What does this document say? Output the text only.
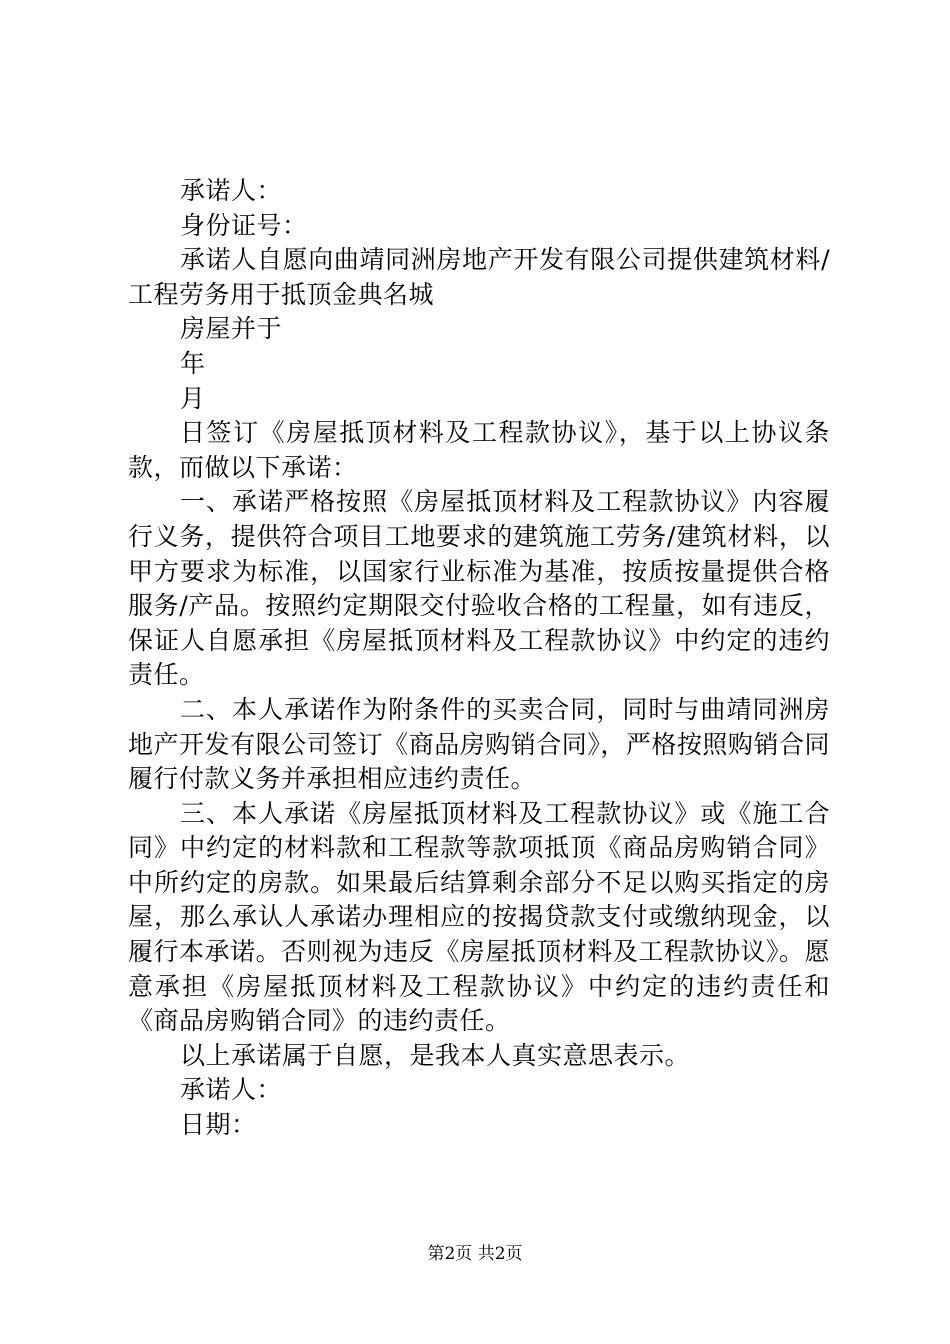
承诺人：

身份证号：

承诺人自愿向曲靖同洲房地产开发有限公司提供建筑材料/工程劳务用于抵顶金典名城

房屋并于

年

月

日签订《房屋抵顶材料及工程款协议》，基于以上协议条款，而做以下承诺：

一、承诺严格按照《房屋抵顶材料及工程款协议》内容履行义务，提供符合项目工地要求的建筑施工劳务/建筑材料，以甲方要求为标准，以国家行业标准为基准，按质按量提供合格服务/产品。按照约定期限交付验收合格的工程量，如有违反，保证人自愿承担《房屋抵顶材料及工程款协议》中约定的违约责任。

二、本人承诺作为附条件的买卖合同，同时与曲靖同洲房地产开发有限公司签订《商品房购销合同》，严格按照购销合同履行付款义务并承担相应违约责任。

三、本人承诺《房屋抵顶材料及工程款协议》或《施工合同》中约定的材料款和工程款等款项抵顶《商品房购销合同》中所约定的房款。如果最后结算剩余部分不足以购买指定的房屋，那么承认人承诺办理相应的按揭贷款支付或缴纳现金，以履行本承诺。否则视为违反《房屋抵顶材料及工程款协议》。愿意承担《房屋抵顶材料及工程款协议》中约定的违约责任和《商品房购销合同》的违约责任。

以上承诺属于自愿，是我本人真实意思表示。

承诺人：

日期：

第2页 共2页
